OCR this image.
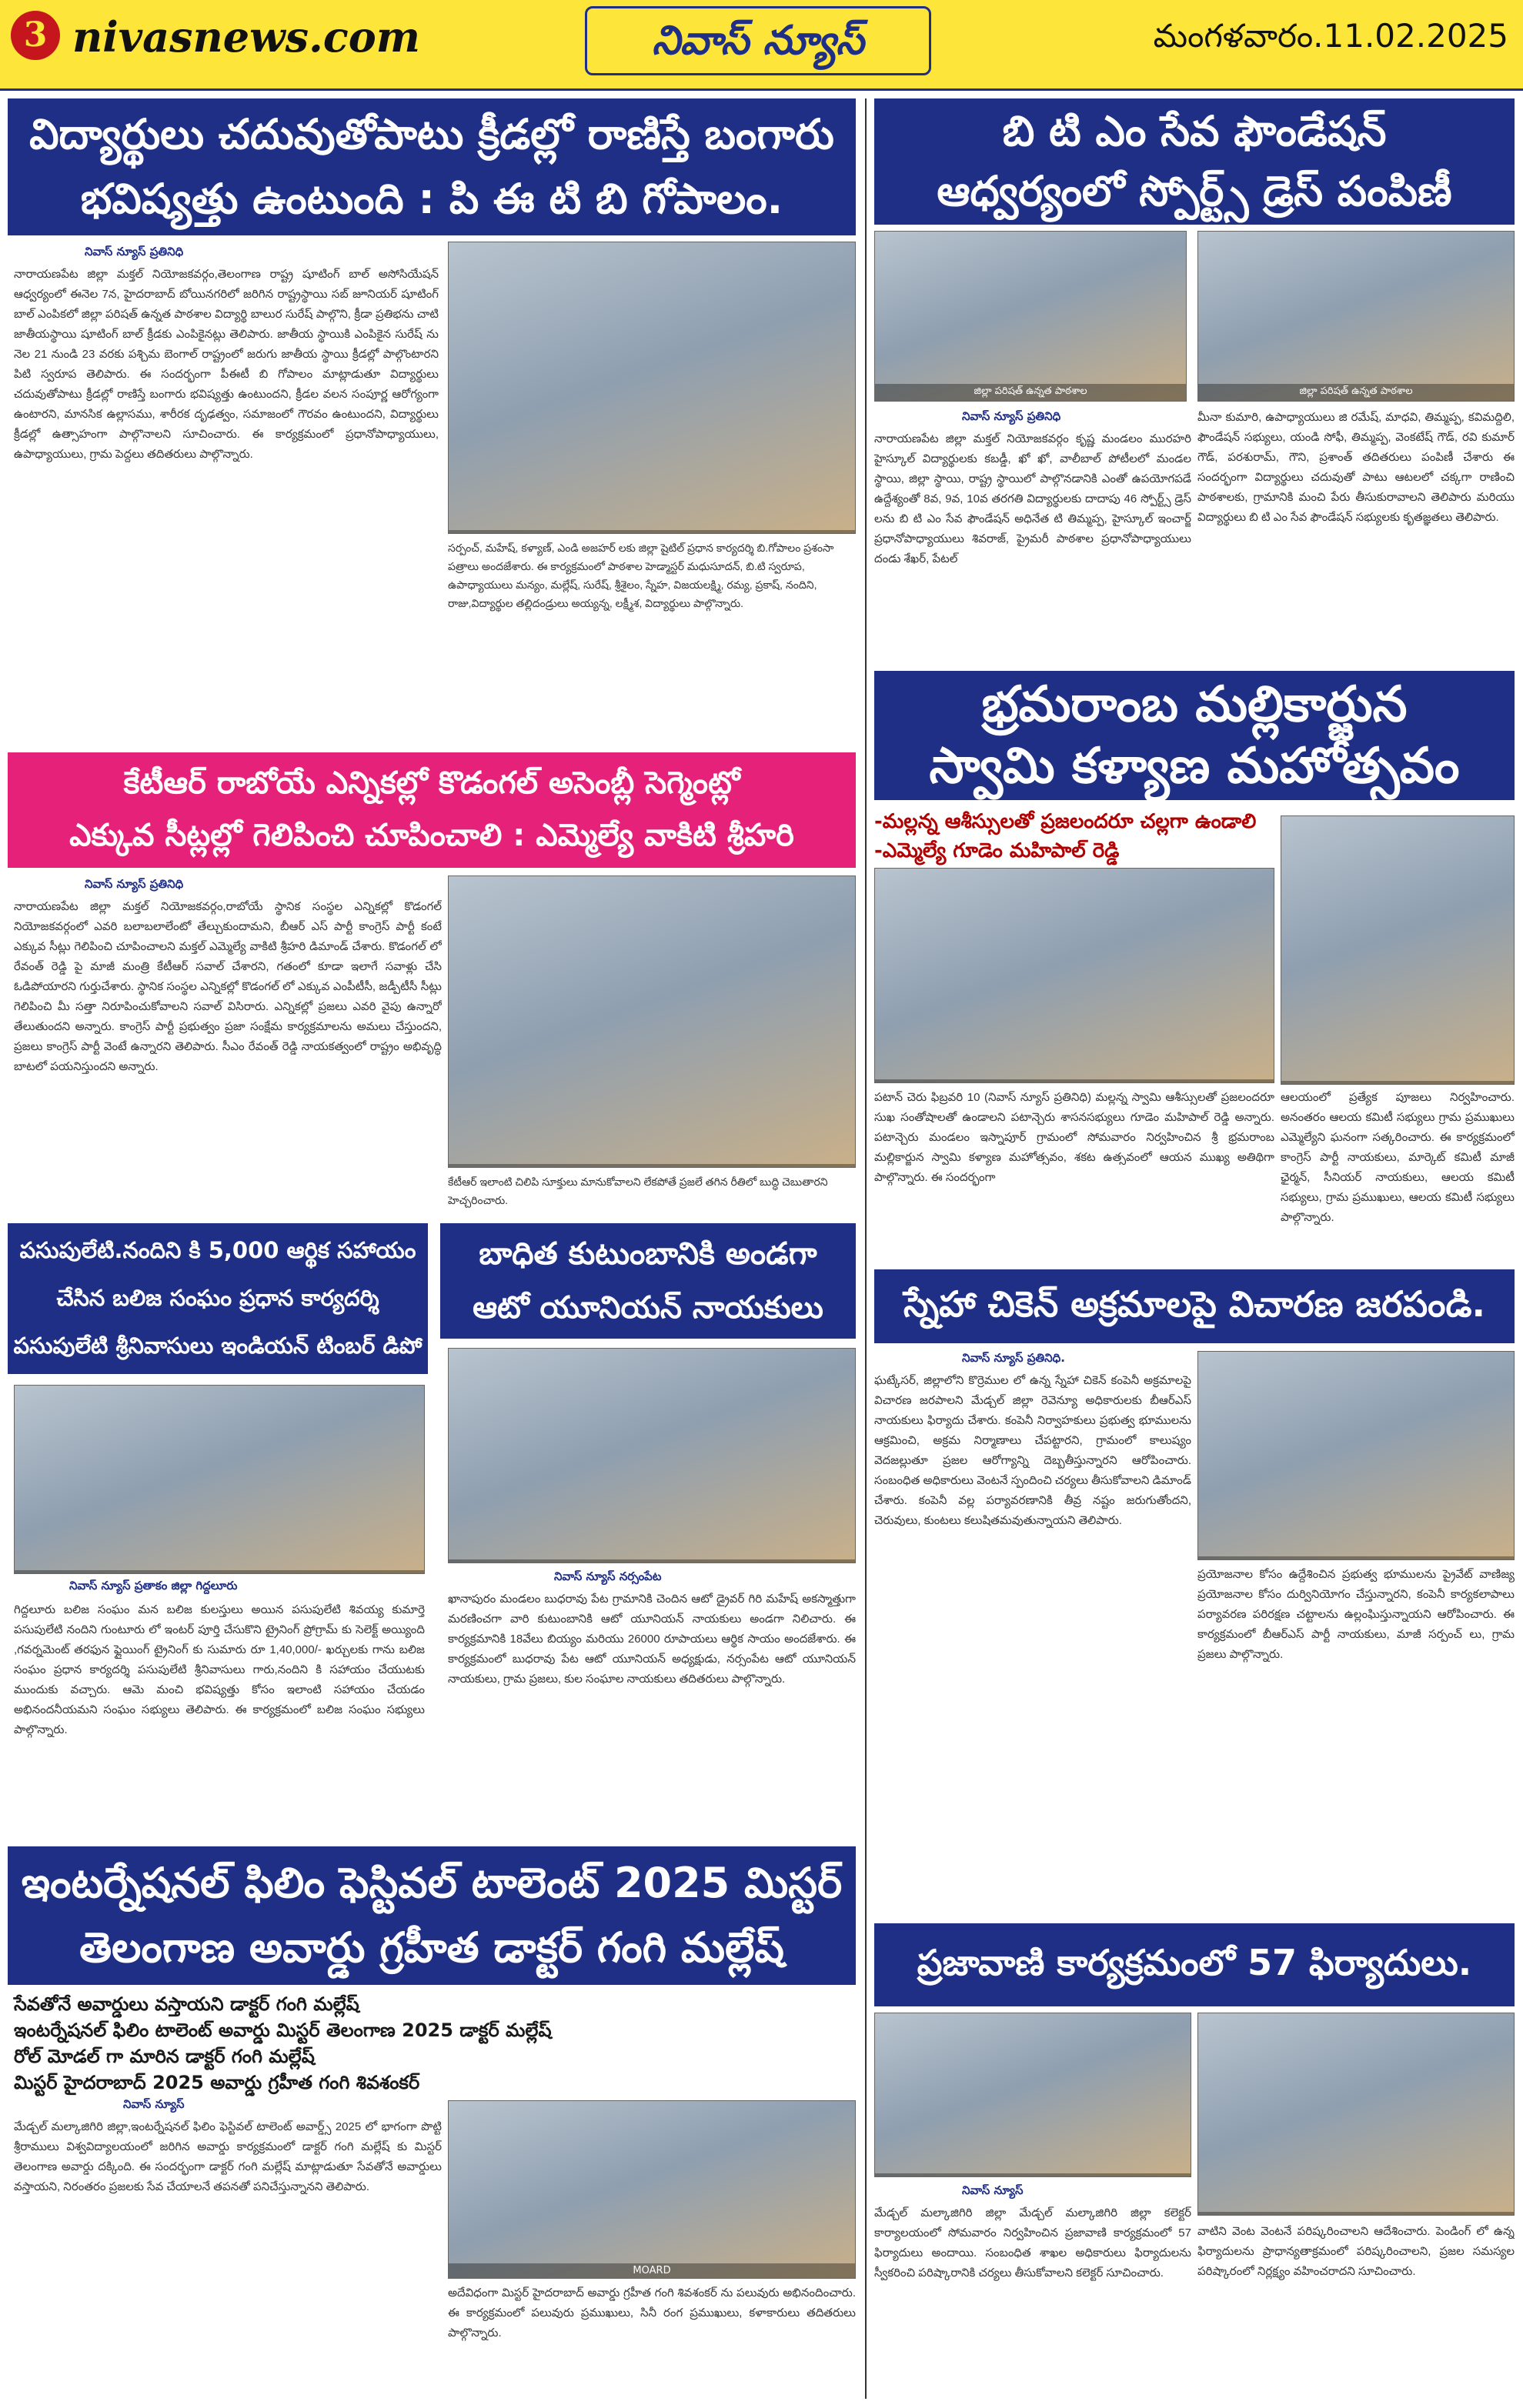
3 nivasnews.com	నివాస్ న్యూస్	మంగళవారం.11.02.2025
విద్యార్థులు చదువుతోపాటు క్రీడల్లో రాణిస్తే బంగారు
భవిష్యత్తు ఉంటుంది : పి ఈ టి బి గోపాలం.
నివాస్ న్యూస్ ప్రతినిధి
నారాయణపేట జిల్లా మక్తల్ నియోజకవర్గం,తెలంగాణ రాష్ట్ర షూటింగ్ బాల్ అసోసియేషన్ ఆధ్వర్యంలో ఈనెల 7న, హైదరాబాద్ బోయినగరిలో జరిగిన రాష్ట్రస్థాయి సబ్ జూనియర్ షూటింగ్ బాల్ ఎంపికలో జిల్లా పరిషత్ ఉన్నత పాఠశాల విద్యార్థి బాలుర సురేష్ పాల్గొని, క్రీడా ప్రతిభను చాటి జాతీయస్థాయి షూటింగ్ బాల్ క్రీడకు ఎంపికైనట్లు తెలిపారు. జాతీయ స్థాయికి ఎంపికైన సురేష్ ను నెల 21 నుండి 23 వరకు పశ్చిమ బెంగాల్ రాష్ట్రంలో జరుగు జాతీయ స్థాయి క్రీడల్లో పాల్గొంటారని పిటి స్వరూప తెలిపారు. ఈ సందర్భంగా పీఈటీ బి గోపాలం మాట్లాడుతూ విద్యార్థులు చదువుతోపాటు క్రీడల్లో రాణిస్తే బంగారు భవిష్యత్తు ఉంటుందని, క్రీడల వలన సంపూర్ణ ఆరోగ్యంగా ఉంటారని, మానసిక ఉల్లాసము, శారీరక దృఢత్వం, సమాజంలో గౌరవం ఉంటుందని, విద్యార్థులు క్రీడల్లో ఉత్సాహంగా పాల్గొనాలని సూచించారు. ఈ కార్యక్రమంలో ప్రధానోపాధ్యాయులు, ఉపాధ్యాయులు, గ్రామ పెద్దలు తదితరులు పాల్గొన్నారు.
సర్పంచ్, మహేష్, కళ్యాణ్, ఎండి అజహర్ లకు జిల్లా షైటిల్ ప్రధాన కార్యదర్శి బి.గోపాలం ప్రశంసా పత్రాలు అందజేశారు. ఈ కార్యక్రమంలో పాఠశాల హెడ్మాస్టర్ మధుసూదన్, బి.టి స్వరూప, ఉపాధ్యాయులు మన్యం, మల్లేష్, సురేష్, శ్రీశైలం, స్నేహ, విజయలక్ష్మి, రమ్య, ప్రకాష్, నందిని, రాజు,విద్యార్థుల తల్లిదండ్రులు అయ్యన్న, లక్ష్మీశ, విద్యార్థులు పాల్గొన్నారు.
బి టి ఎం సేవ ఫౌండేషన్
ఆధ్వర్యంలో స్పోర్ట్స్ డ్రెస్ పంపిణీ
జిల్లా పరిషత్ ఉన్నత పాఠశాల	జిల్లా పరిషత్ ఉన్నత పాఠశాల
నివాస్ న్యూస్ ప్రతినిధి
నారాయణపేట జిల్లా మక్తల్ నియోజకవర్గం కృష్ణ మండలం మురహరి హైస్కూల్ విద్యార్థులకు కబడ్డీ, ఖో ఖో, వాలీబాల్ పోటీలలో మండల స్థాయి, జిల్లా స్థాయి, రాష్ట్ర స్థాయిలో పాల్గొనడానికి ఎంతో ఉపయోగపడే ఉద్దేశ్యంతో 8వ, 9వ, 10వ తరగతి విద్యార్థులకు దాదాపు 46 స్పోర్ట్స్ డ్రెస్ లను బి టి ఎం సేవ ఫౌండేషన్ అధినేత టి తిమ్మప్ప, హైస్కూల్ ఇంచార్జ్ ప్రధానోపాధ్యాయులు శివరాజ్, ప్రైమరీ పాఠశాల ప్రధానోపాధ్యాయులు దండు శేఖర్, పేటల్
మీనా కుమారి, ఉపాధ్యాయులు జి రమేష్, మాధవి, తిమ్మప్ప, కవిమద్దిలి, ఫౌండేషన్ సభ్యులు, యండి సోఫీ, తిమ్మప్ప, వెంకటేష్ గౌడ్, రవి కుమార్ గౌడ్, పరశురామ్, గౌని, ప్రశాంత్ తదితరులు పంపిణీ చేశారు ఈ సందర్భంగా విద్యార్థులు చదువుతో పాటు ఆటలలో చక్కగా రాణించి పాఠశాలకు, గ్రామానికి మంచి పేరు తీసుకురావాలని తెలిపారు మరియు విద్యార్థులు బి టి ఎం సేవ ఫౌండేషన్ సభ్యులకు కృతజ్ఞతలు తెలిపారు.
కేటీఆర్ రాబోయే ఎన్నికల్లో కొడంగల్ అసెంబ్లీ సెగ్మెంట్లో
ఎక్కువ సీట్లల్లో గెలిపించి చూపించాలి : ఎమ్మెల్యే వాకిటి శ్రీహరి
నివాస్ న్యూస్ ప్రతినిధి
నారాయణపేట జిల్లా మక్తల్ నియోజకవర్గం,రాబోయే స్థానిక సంస్థల ఎన్నికల్లో కొడంగల్ నియోజకవర్గంలో ఎవరి బలాబలాలేంటో తేల్చుకుందామని, బీఆర్ ఎస్ పార్టీ కాంగ్రెస్ పార్టీ కంటే ఎక్కువ సీట్లు గెలిపించి చూపించాలని మక్తల్ ఎమ్మెల్యే వాకిటి శ్రీహరి డిమాండ్ చేశారు. కొడంగల్ లో రేవంత్ రెడ్డి పై మాజీ మంత్రి కేటీఆర్ సవాల్ చేశారని, గతంలో కూడా ఇలాగే సవాళ్లు చేసి ఓడిపోయారని గుర్తుచేశారు. స్థానిక సంస్థల ఎన్నికల్లో కొడంగల్ లో ఎక్కువ ఎంపీటీసీ, జడ్పీటీసీ సీట్లు గెలిపించి మీ సత్తా నిరూపించుకోవాలని సవాల్ విసిరారు. ఎన్నికల్లో ప్రజలు ఎవరి వైపు ఉన్నారో తేలుతుందని అన్నారు. కాంగ్రెస్ పార్టీ ప్రభుత్వం ప్రజా సంక్షేమ కార్యక్రమాలను అమలు చేస్తుందని, ప్రజలు కాంగ్రెస్ పార్టీ వెంటే ఉన్నారని తెలిపారు. సీఎం రేవంత్ రెడ్డి నాయకత్వంలో రాష్ట్రం అభివృద్ధి బాటలో పయనిస్తుందని అన్నారు.
కేటీఆర్ ఇలాంటి చిలిపి సూక్తులు మానుకోవాలని లేకపోతే ప్రజలే తగిన రీతిలో బుద్ధి చెబుతారని హెచ్చరించారు.
భ్రమరాంబ మల్లికార్జున
స్వామి కళ్యాణ మహోత్సవం
-మల్లన్న ఆశీస్సులతో ప్రజలందరూ చల్లగా ఉండాలి
-ఎమ్మెల్యే గూడెం మహిపాల్ రెడ్డి
పటాన్ చెరు ఫిబ్రవరి 10 (నివాస్ న్యూస్ ప్రతినిధి) మల్లన్న స్వామి ఆశీస్సులతో ప్రజలందరూ సుఖ సంతోషాలతో ఉండాలని పటాన్చెరు శాసనసభ్యులు గూడెం మహిపాల్ రెడ్డి అన్నారు. పటాన్చెరు మండలం ఇస్నాపూర్ గ్రామంలో సోమవారం నిర్వహించిన శ్రీ భ్రమరాంబ మల్లికార్జున స్వామి కళ్యాణ మహోత్సవం, శకట ఉత్సవంలో ఆయన ముఖ్య అతిథిగా పాల్గొన్నారు. ఈ సందర్భంగా
ఆలయంలో ప్రత్యేక పూజలు నిర్వహించారు. అనంతరం ఆలయ కమిటీ సభ్యులు గ్రామ ప్రముఖులు ఎమ్మెల్యేని ఘనంగా సత్కరించారు. ఈ కార్యక్రమంలో కాంగ్రెస్ పార్టీ నాయకులు, మార్కెట్ కమిటీ మాజీ ఛైర్మన్, సీనియర్ నాయకులు, ఆలయ కమిటీ సభ్యులు, గ్రామ ప్రముఖులు, ఆలయ కమిటీ సభ్యులు పాల్గొన్నారు.
పసుపులేటి.నందిని కి 5,000 ఆర్థిక సహాయం
చేసిన బలిజ సంఘం ప్రధాన కార్యదర్శి
పసుపులేటి శ్రీనివాసులు ఇండియన్ టింబర్ డిపో
నివాస్ న్యూస్ ప్రతాకం జిల్లా గిద్దలూరు
గిద్దలూరు బలిజ సంఘం మన బలిజ కులస్తులు అయిన పసుపులేటి శివయ్య కుమార్తె పసుపులేటి నందిని గుంటూరు లో ఇంటర్ పూర్తి చేసుకొని ట్రైనింగ్ ప్రోగ్రామ్ కు సెలెక్ట్ అయ్యింది ,గవర్నమెంట్ తరఫున ఫ్లైయింగ్ ట్రైనింగ్ కు సుమారు రూ 1,40,000/- ఖర్చులకు గాను బలిజ సంఘం ప్రధాన కార్యదర్శి పసుపులేటి శ్రీనివాసులు గారు,నందిని కి సహాయం చేయుటకు ముందుకు వచ్చారు. ఆమె మంచి భవిష్యత్తు కోసం ఇలాంటి సహాయం చేయడం అభినందనీయమని సంఘం సభ్యులు తెలిపారు. ఈ కార్యక్రమంలో బలిజ సంఘం సభ్యులు పాల్గొన్నారు.
బాధిత కుటుంబానికి అండగా
ఆటో యూనియన్ నాయకులు
నివాస్ న్యూస్ నర్సంపేట
ఖానాపురం మండలం బుధరావు పేట గ్రామానికి చెందిన ఆటో డ్రైవర్ గిరి మహేష్ అకస్మాత్తుగా మరణించగా వారి కుటుంబానికి ఆటో యూనియన్ నాయకులు అండగా నిలిచారు. ఈ కార్యక్రమానికి 18వేలు బియ్యం మరియు 26000 రూపాయలు ఆర్థిక సాయం అందజేశారు. ఈ కార్యక్రమంలో బుధరావు పేట ఆటో యూనియన్ అధ్యక్షుడు, నర్సంపేట ఆటో యూనియన్ నాయకులు, గ్రామ ప్రజలు, కుల సంఘాల నాయకులు తదితరులు పాల్గొన్నారు.
స్నేహా చికెన్ అక్రమాలపై విచారణ జరపండి.
నివాస్ న్యూస్ ప్రతినిధి.
ఘట్కేసర్, జిల్లాలోని కొర్రెముల లో ఉన్న స్నేహా చికెన్ కంపెనీ అక్రమాలపై విచారణ జరపాలని మేడ్చల్ జిల్లా రెవెన్యూ అధికారులకు బీఆర్ఎస్ నాయకులు ఫిర్యాదు చేశారు. కంపెనీ నిర్వాహకులు ప్రభుత్వ భూములను ఆక్రమించి, అక్రమ నిర్మాణాలు చేపట్టారని, గ్రామంలో కాలుష్యం వెదజల్లుతూ ప్రజల ఆరోగ్యాన్ని దెబ్బతీస్తున్నారని ఆరోపించారు. సంబంధిత అధికారులు వెంటనే స్పందించి చర్యలు తీసుకోవాలని డిమాండ్ చేశారు. కంపెనీ వల్ల పర్యావరణానికి తీవ్ర నష్టం జరుగుతోందని, చెరువులు, కుంటలు కలుషితమవుతున్నాయని తెలిపారు.
ప్రయోజనాల కోసం ఉద్దేశించిన ప్రభుత్వ భూములను ప్రైవేట్ వాణిజ్య ప్రయోజనాల కోసం దుర్వినియోగం చేస్తున్నారని, కంపెనీ కార్యకలాపాలు పర్యావరణ పరిరక్షణ చట్టాలను ఉల్లంఘిస్తున్నాయని ఆరోపించారు. ఈ కార్యక్రమంలో బీఆర్ఎస్ పార్టీ నాయకులు, మాజీ సర్పంచ్ లు, గ్రామ ప్రజలు పాల్గొన్నారు.
ఇంటర్నేషనల్ ఫిలిం ఫెస్టివల్ టాలెంట్ 2025 మిస్టర్
తెలంగాణ అవార్డు గ్రహీత డాక్టర్ గంగి మల్లేష్
సేవతోనే అవార్డులు వస్తాయని డాక్టర్ గంగి మల్లేష్
ఇంటర్నేషనల్ ఫిలిం టాలెంట్ అవార్డు మిస్టర్ తెలంగాణ 2025 డాక్టర్ మల్లేష్
రోల్ మోడల్ గా మారిన డాక్టర్ గంగి మల్లేష్
మిస్టర్ హైదరాబాద్ 2025 అవార్డు గ్రహీత గంగి శివశంకర్
నివాస్ న్యూస్
మేడ్చల్ మల్కాజిగిరి జిల్లా,ఇంటర్నేషనల్ ఫిలిం ఫెస్టివల్ టాలెంట్ అవార్డ్స్ 2025 లో భాగంగా పొట్టి శ్రీరాములు విశ్వవిద్యాలయంలో జరిగిన అవార్డు కార్యక్రమంలో డాక్టర్ గంగి మల్లేష్ కు మిస్టర్ తెలంగాణ అవార్డు దక్కింది. ఈ సందర్భంగా డాక్టర్ గంగి మల్లేష్ మాట్లాడుతూ సేవతోనే అవార్డులు వస్తాయని, నిరంతరం ప్రజలకు సేవ చేయాలనే తపనతో పనిచేస్తున్నానని తెలిపారు.
MOARD
అదేవిధంగా మిస్టర్ హైదరాబాద్ అవార్డు గ్రహీత గంగి శివశంకర్ ను పలువురు అభినందించారు. ఈ కార్యక్రమంలో పలువురు ప్రముఖులు, సినీ రంగ ప్రముఖులు, కళాకారులు తదితరులు పాల్గొన్నారు.
ప్రజావాణి కార్యక్రమంలో 57 ఫిర్యాదులు.
నివాస్ న్యూస్
మేడ్చల్ మల్కాజిగిరి జిల్లా మేడ్చల్ మల్కాజిగిరి జిల్లా కలెక్టర్ కార్యాలయంలో సోమవారం నిర్వహించిన ప్రజావాణి కార్యక్రమంలో 57 ఫిర్యాదులు అందాయి. సంబంధిత శాఖల అధికారులు ఫిర్యాదులను స్వీకరించి పరిష్కారానికి చర్యలు తీసుకోవాలని కలెక్టర్ సూచించారు.
వాటిని వెంట వెంటనే పరిష్కరించాలని ఆదేశించారు. పెండింగ్ లో ఉన్న ఫిర్యాదులను ప్రాధాన్యతాక్రమంలో పరిష్కరించాలని, ప్రజల సమస్యల పరిష్కారంలో నిర్లక్ష్యం వహించరాదని సూచించారు.
